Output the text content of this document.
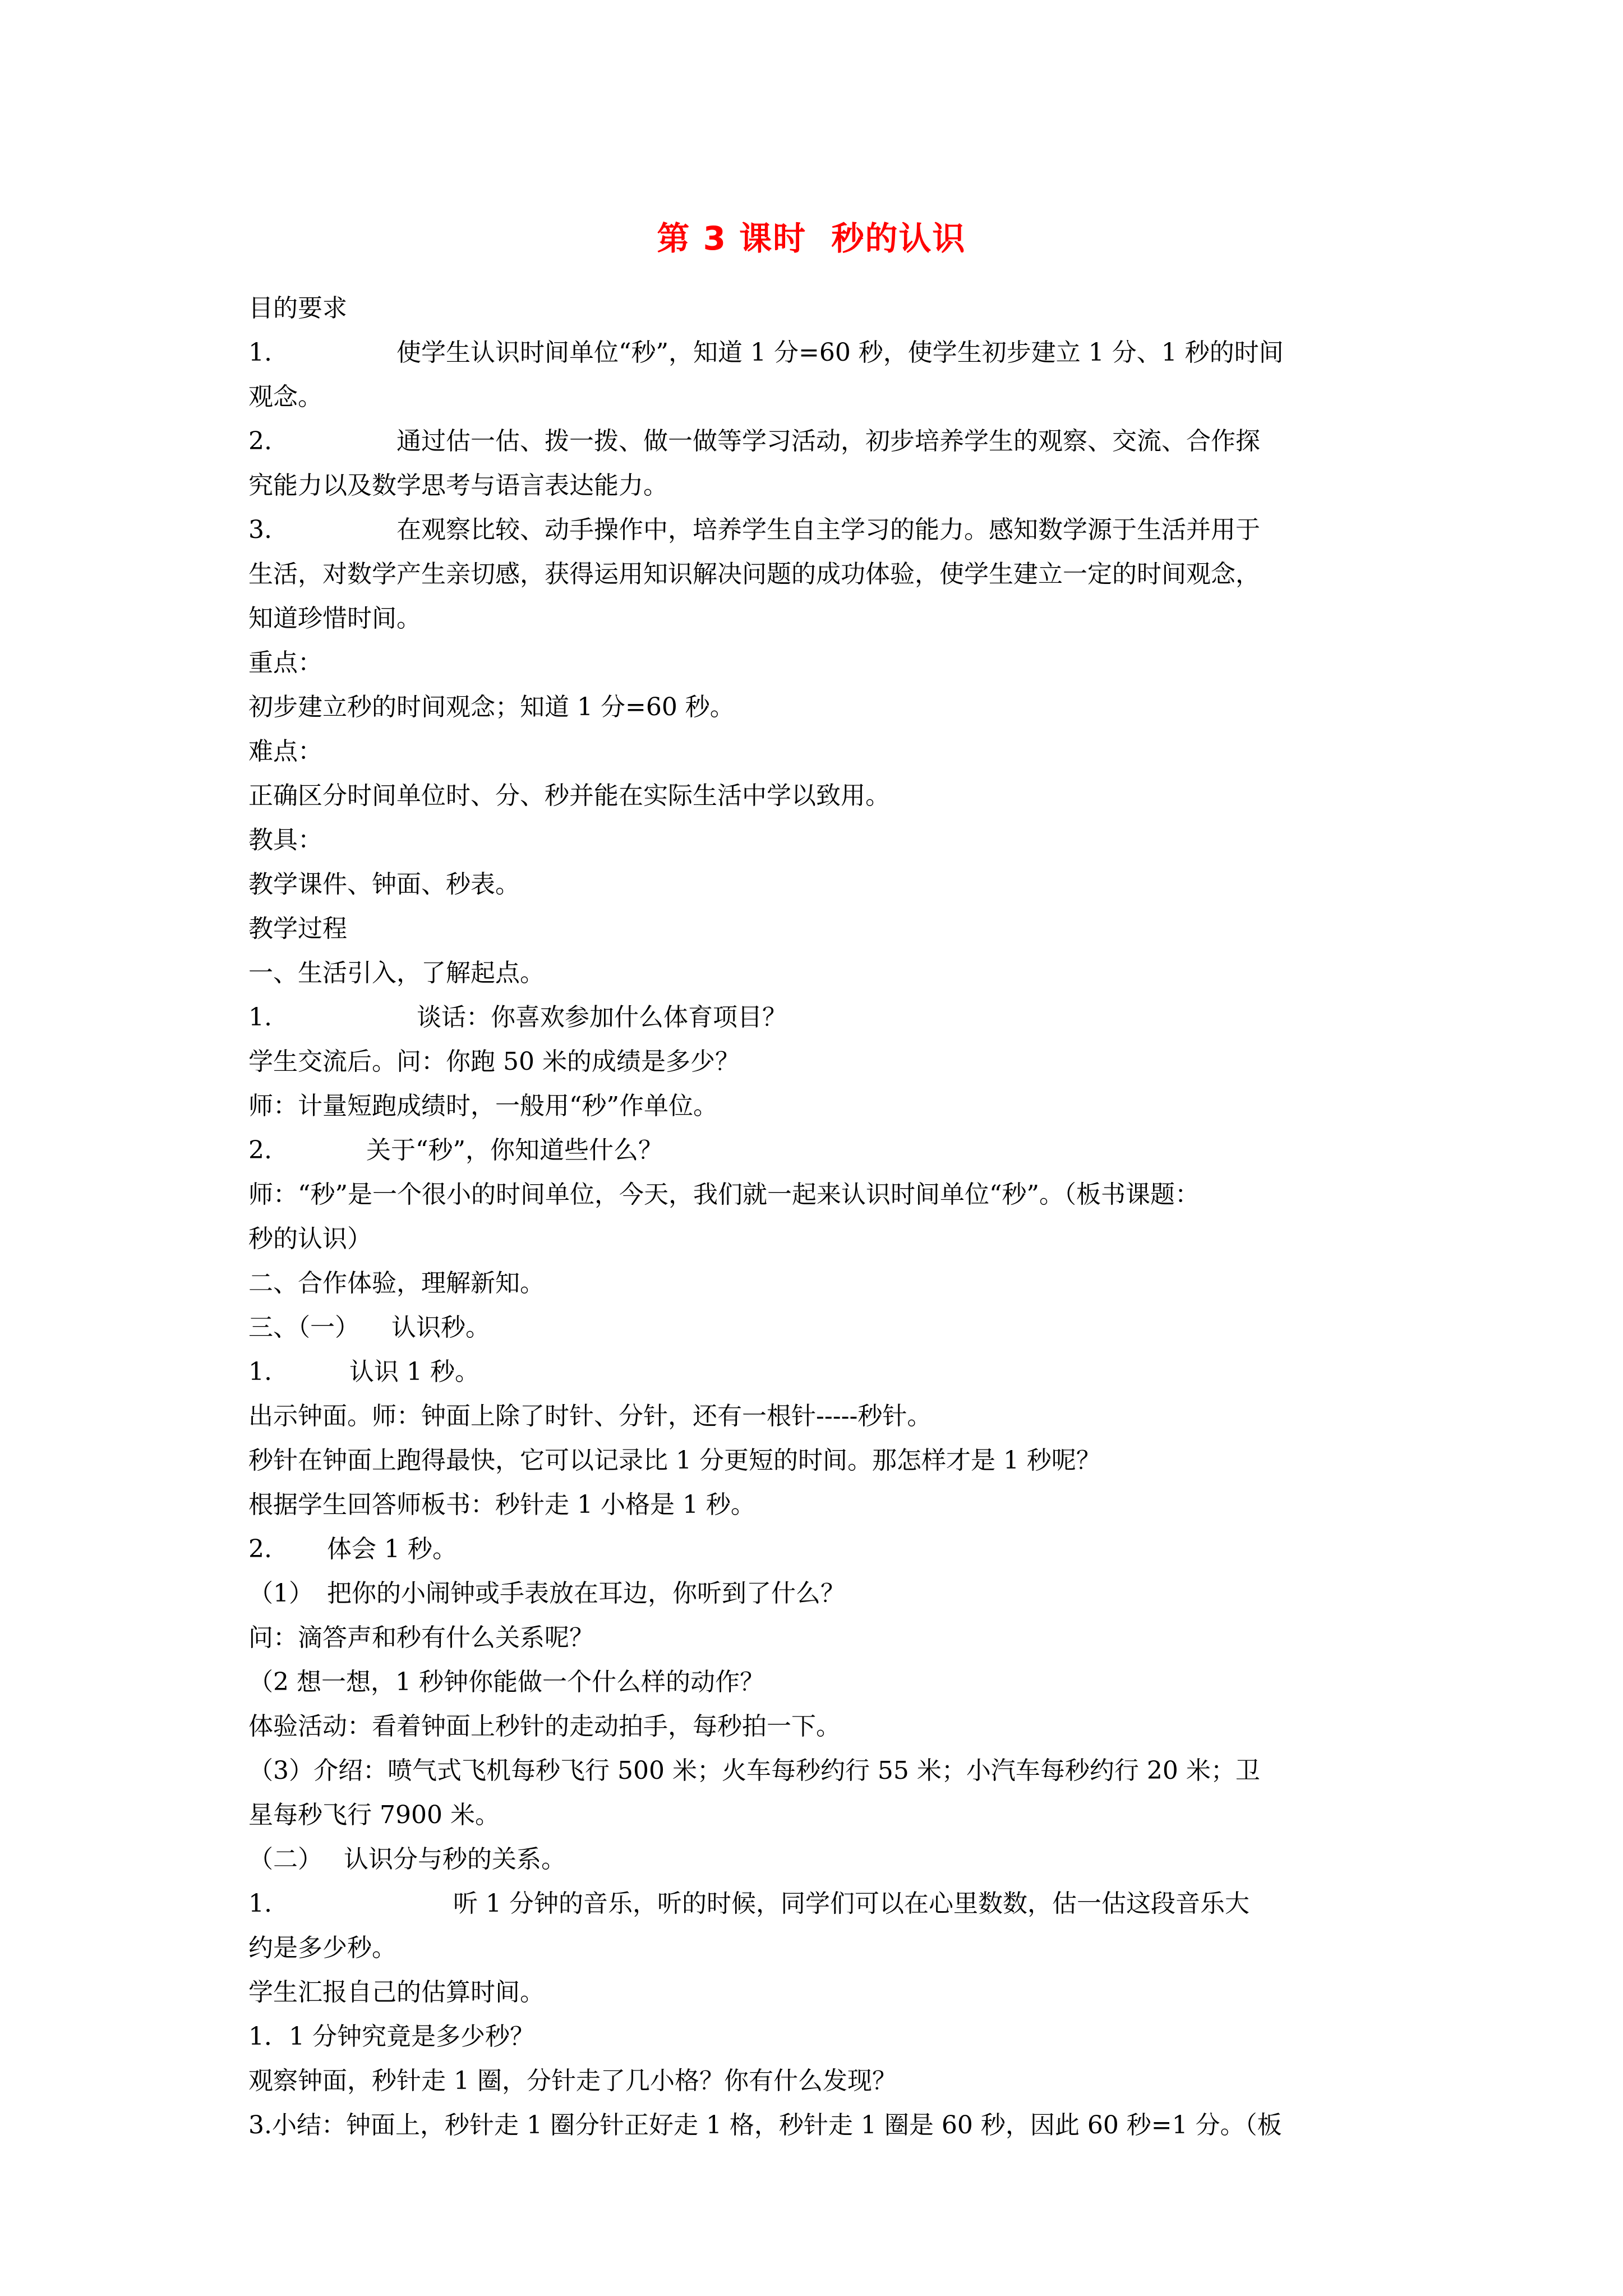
第 3 课时  秒的认识
目的要求
1.	使学生认识时间单位“秒”，知道 1 分=60 秒，使学生初步建立 1 分、1 秒的时间
观念。
2.	通过估一估、拨一拨、做一做等学习活动，初步培养学生的观察、交流、合作探
究能力以及数学思考与语言表达能力。
3.	在观察比较、动手操作中，培养学生自主学习的能力。感知数学源于生活并用于
生活，对数学产生亲切感，获得运用知识解决问题的成功体验，使学生建立一定的时间观念，
知道珍惜时间。
重点：
初步建立秒的时间观念；知道 1 分=60 秒。
难点：
正确区分时间单位时、分、秒并能在实际生活中学以致用。
教具：
教学课件、钟面、秒表。
教学过程
一、生活引入，了解起点。
1.	谈话：你喜欢参加什么体育项目？
学生交流后。问：你跑 50 米的成绩是多少？
师：计量短跑成绩时，一般用“秒”作单位。
2.	关于“秒”，你知道些什么？
师：“秒”是一个很小的时间单位，今天，我们就一起来认识时间单位“秒”。（板书课题：
秒的认识）
二、合作体验，理解新知。
三、（一） 认识秒。
1.	认识 1 秒。
出示钟面。师：钟面上除了时针、分针，还有一根针-----秒针。
秒针在钟面上跑得最快，它可以记录比 1 分更短的时间。那怎样才是 1 秒呢？
根据学生回答师板书：秒针走 1 小格是 1 秒。
2. 体会 1 秒。
（1） 把你的小闹钟或手表放在耳边，你听到了什么？
问：滴答声和秒有什么关系呢？
（2 想一想，1 秒钟你能做一个什么样的动作？
体验活动：看着钟面上秒针的走动拍手，每秒拍一下。
（3）介绍：喷气式飞机每秒飞行 500 米；火车每秒约行 55 米；小汽车每秒约行 20 米；卫
星每秒飞行 7900 米。
（二） 认识分与秒的关系。
1.	听 1 分钟的音乐，听的时候，同学们可以在心里数数，估一估这段音乐大
约是多少秒。
学生汇报自己的估算时间。
1．1 分钟究竟是多少秒？
观察钟面，秒针走 1 圈，分针走了几小格？你有什么发现？
3.小结：钟面上，秒针走 1 圈分针正好走 1 格，秒针走 1 圈是 60 秒，因此 60 秒=1 分。（板
